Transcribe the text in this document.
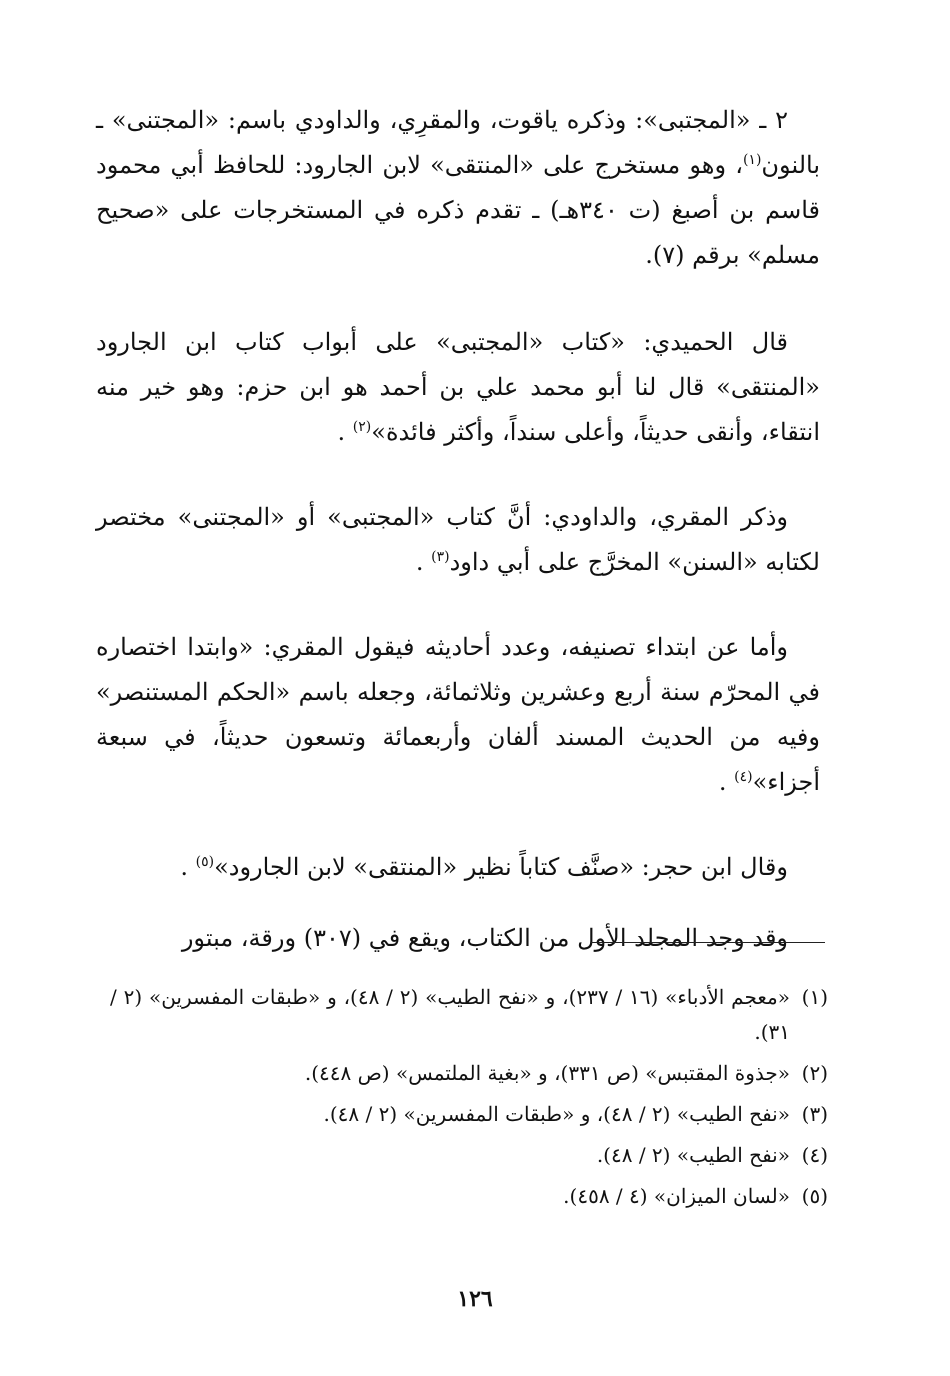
٢ ـ «المجتبى»: وذكره ياقوت، والمقرِي، والداودي باسم: «المجتنى» ـ بالنون$^{(١)}$، وهو مستخرج على «المنتقى» لابن الجارود: للحافظ أبي محمود قاسم بن أصبغ (ت ٣٤٠هـ) ـ تقدم ذكره في المستخرجات على «صحيح مسلم» برقم (٧).

قال الحميدي: «كتاب «المجتبى» على أبواب كتاب ابن الجارود «المنتقى» قال لنا أبو محمد علي بن أحمد هو ابن حزم: وهو خير منه انتقاء، وأنقى حديثاً، وأعلى سنداً، وأكثر فائدة»$^{(٢)}$ .

وذكر المقري، والداودي: أنَّ كتاب «المجتبى» أو «المجتنى» مختصر لكتابه «السنن» المخرَّج على أبي داود$^{(٣)}$ .

وأما عن ابتداء تصنيفه، وعدد أحاديثه فيقول المقري: «وابتدا اختصاره في المحرّم سنة أربع وعشرين وثلاثمائة، وجعله باسم «الحكم المستنصر» وفيه من الحديث المسند ألفان وأربعمائة وتسعون حديثاً، في سبعة أجزاء»$^{(٤)}$ .

وقال ابن حجر: «صنَّف كتاباً نظير «المنتقى» لابن الجارود»$^{(٥)}$ .

وقد وجد المجلد الأول من الكتاب، ويقع في (٣٠٧) ورقة، مبتور

(١)
«معجم الأدباء» (١٦ / ٢٣٧)، و «نفح الطيب» (٢ / ٤٨)، و «طبقات المفسرين» (٢ / ٣١).
(٢)
«جذوة المقتبس» (ص ٣٣١)، و «بغية الملتمس» (ص ٤٤٨).
(٣)
«نفح الطيب» (٢ / ٤٨)، و «طبقات المفسرين» (٢ / ٤٨).
(٤)
«نفح الطيب» (٢ / ٤٨).
(٥)
«لسان الميزان» (٤ / ٤٥٨).
١٢٦
